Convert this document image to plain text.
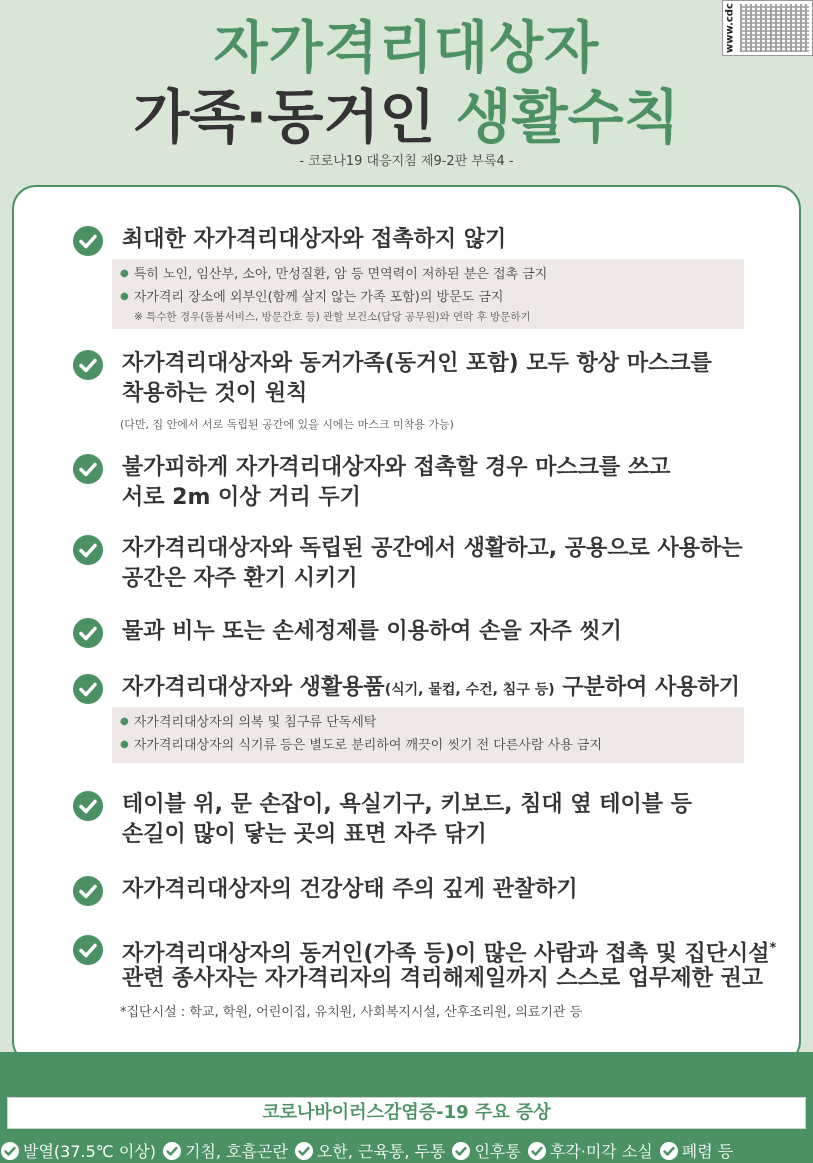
자가격리대상자
가족·동거인 생활수칙
- 코로나19 대응지침 제9-2판 부록4 -
www.cdc
최대한 자가격리대상자와 접촉하지 않기
● 특히 노인, 임산부, 소아, 만성질환, 암 등 면역력이 저하된 분은 접촉 금지
● 자가격리 장소에 외부인(함께 살지 않는 가족 포함)의 방문도 금지
※ 특수한 경우(돌봄서비스, 방문간호 등) 관할 보건소(담당 공무원)와 연락 후 방문하기
자가격리대상자와 동거가족(동거인 포함) 모두 항상 마스크를
착용하는 것이 원칙
(다만, 집 안에서 서로 독립된 공간에 있을 시에는 마스크 미착용 가능)
불가피하게 자가격리대상자와 접촉할 경우 마스크를 쓰고
서로 2m 이상 거리 두기
자가격리대상자와 독립된 공간에서 생활하고, 공용으로 사용하는
공간은 자주 환기 시키기
물과 비누 또는 손세정제를 이용하여 손을 자주 씻기
자가격리대상자와 생활용품(식기, 물컵, 수건, 침구 등) 구분하여 사용하기
● 자가격리대상자의 의복 및 침구류 단독세탁
● 자가격리대상자의 식기류 등은 별도로 분리하여 깨끗이 씻기 전 다른사람 사용 금지
테이블 위, 문 손잡이, 욕실기구, 키보드, 침대 옆 테이블 등
손길이 많이 닿는 곳의 표면 자주 닦기
자가격리대상자의 건강상태 주의 깊게 관찰하기
자가격리대상자의 동거인(가족 등)이 많은 사람과 접촉 및 집단시설*
관련 종사자는 자가격리자의 격리해제일까지 스스로 업무제한 권고
*집단시설 : 학교, 학원, 어린이집, 유치원, 사회복지시설, 산후조리원, 의료기관 등
코로나바이러스감염증-19 주요 증상
발열(37.5℃ 이상) 기침, 호흡곤란 오한, 근육통, 두통 인후통 후각·미각 소실 폐렴 등
